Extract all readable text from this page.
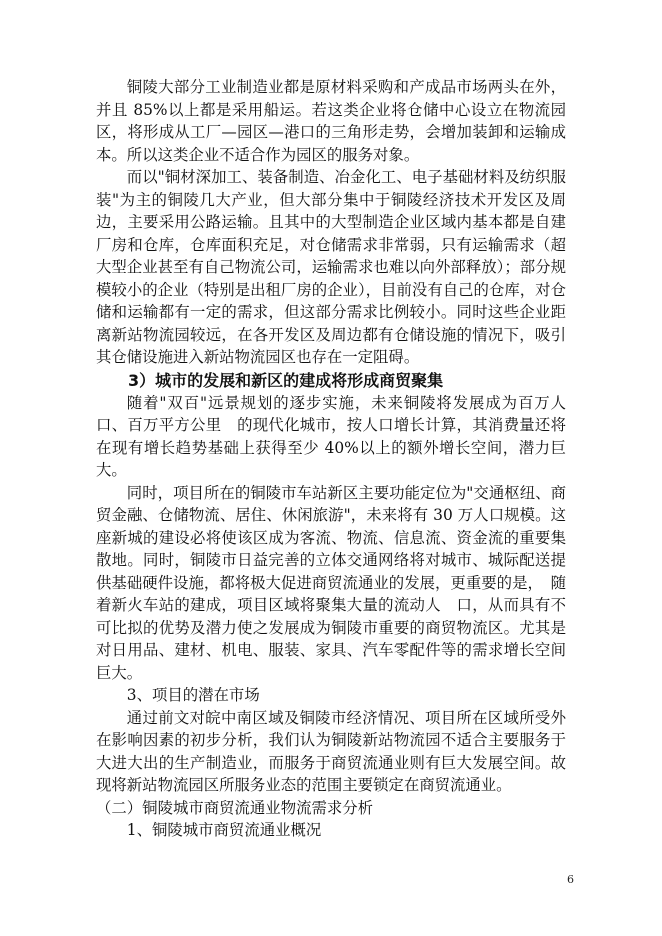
铜陵大部分工业制造业都是原材料采购和产成品市场两头在外，并且 85%以上都是采用船运。若这类企业将仓储中心设立在物流园区，将形成从工厂—园区—港口的三角形走势，会增加装卸和运输成本。所以这类企业不适合作为园区的服务对象。

而以"铜材深加工、装备制造、冶金化工、电子基础材料及纺织服装"为主的铜陵几大产业，但大部分集中于铜陵经济技术开发区及周边，主要采用公路运输。且其中的大型制造企业区域内基本都是自建厂房和仓库，仓库面积充足，对仓储需求非常弱，只有运输需求（超大型企业甚至有自己物流公司，运输需求也难以向外部释放）；部分规模较小的企业（特别是出租厂房的企业），目前没有自己的仓库，对仓储和运输都有一定的需求，但这部分需求比例较小。同时这些企业距离新站物流园较远，在各开发区及周边都有仓储设施的情况下，吸引其仓储设施进入新站物流园区也存在一定阻碍。

3）城市的发展和新区的建成将形成商贸聚集

随着"双百"远景规划的逐步实施，未来铜陵将发展成为百万人口、百万平方公里　的现代化城市，按人口增长计算，其消费量还将在现有增长趋势基础上获得至少 40%以上的额外增长空间，潜力巨大。

同时，项目所在的铜陵市车站新区主要功能定位为"交通枢纽、商贸金融、仓储物流、居住、休闲旅游"，未来将有 30 万人口规模。这座新城的建设必将使该区成为客流、物流、信息流、资金流的重要集散地。同时，铜陵市日益完善的立体交通网络将对城市、城际配送提供基础硬件设施，都将极大促进商贸流通业的发展，更重要的是，　随着新火车站的建成，项目区域将聚集大量的流动人　口，从而具有不可比拟的优势及潜力使之发展成为铜陵市重要的商贸物流区。尤其是对日用品、建材、机电、服装、家具、汽车零配件等的需求增长空间巨大。

3、项目的潜在市场

通过前文对皖中南区域及铜陵市经济情况、项目所在区域所受外在影响因素的初步分析，我们认为铜陵新站物流园不适合主要服务于大进大出的生产制造业，而服务于商贸流通业则有巨大发展空间。故现将新站物流园区所服务业态的范围主要锁定在商贸流通业。

（二）铜陵城市商贸流通业物流需求分析

1、铜陵城市商贸流通业概况

6
